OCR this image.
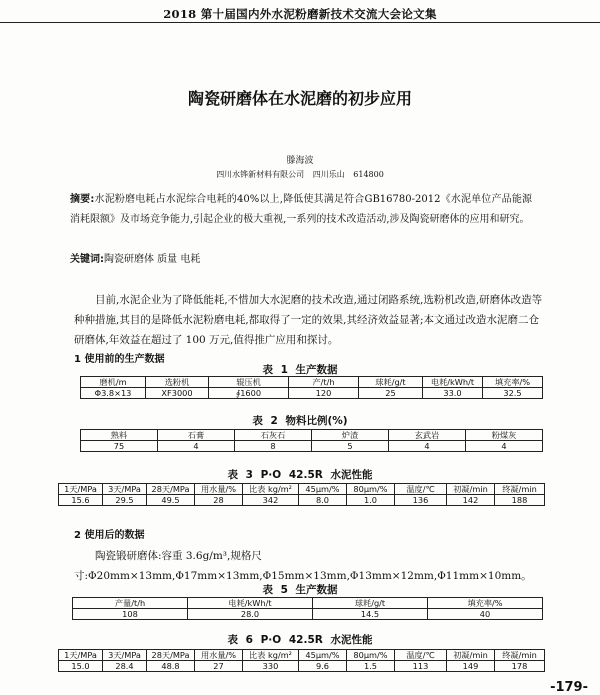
2018 第十届国内外水泥粉磨新技术交流大会论文集
陶瓷研磨体在水泥磨的初步应用
滕海波
四川水铧新材料有限公司 四川乐山 614800
摘要:水泥粉磨电耗占水泥综合电耗的40%以上,降低使其满足符合GB16780-2012《水泥单位产品能源消耗限额》及市场竞争能力,引起企业的极大重视,一系列的技术改造活动,涉及陶瓷研磨体的应用和研究。
关键词:陶瓷研磨体 质量 电耗

目前,水泥企业为了降低能耗,不惜加大水泥磨的技术改造,通过闭路系统,选粉机改造,研磨体改造等种种措施,其目的是降低水泥粉磨电耗,都取得了一定的效果,其经济效益显著;本文通过改造水泥磨二仓研磨体,年效益在超过了 100 万元,值得推广应用和探讨。

1 使用前的生产数据

表 1 生产数据
磨机/m	选粉机	辊压机	产/t/h	球耗/g/t	电耗/kWh/t	填充率/%
Φ3.8×13	XF3000	∮1600	120	25	33.0	32.5
表 2 物料比例(%)
熟料	石膏	石灰石	炉渣	玄武岩	粉煤灰
75	4	8	5	4	4
表 3 P·O 42.5R 水泥性能
1天/MPa	3天/MPa	28天/MPa	用水量/%	比表 kg/m²	45μm/%	80μm/%	温度/℃	初凝/min	终凝/min
15.6	29.5	49.5	28	342	8.0	1.0	136	142	188

2 使用后的数据

陶瓷锻研磨体:容重 3.6g/m³,规格尺寸:Φ20mm×13mm,Φ17mm×13mm,Φ15mm×13mm,Φ13mm×12mm,Φ11mm×10mm。

表 5 生产数据
产量/t/h	电耗/kWh/t	球耗/g/t	填充率/%
108	28.0	14.5	40
表 6 P·O 42.5R 水泥性能
1天/MPa	3天/MPa	28天/MPa	用水量/%	比表 kg/m²	45μm/%	80μm/%	温度/℃	初凝/min	终凝/min
15.0	28.4	48.8	27	330	9.6	1.5	113	149	178
-179-
